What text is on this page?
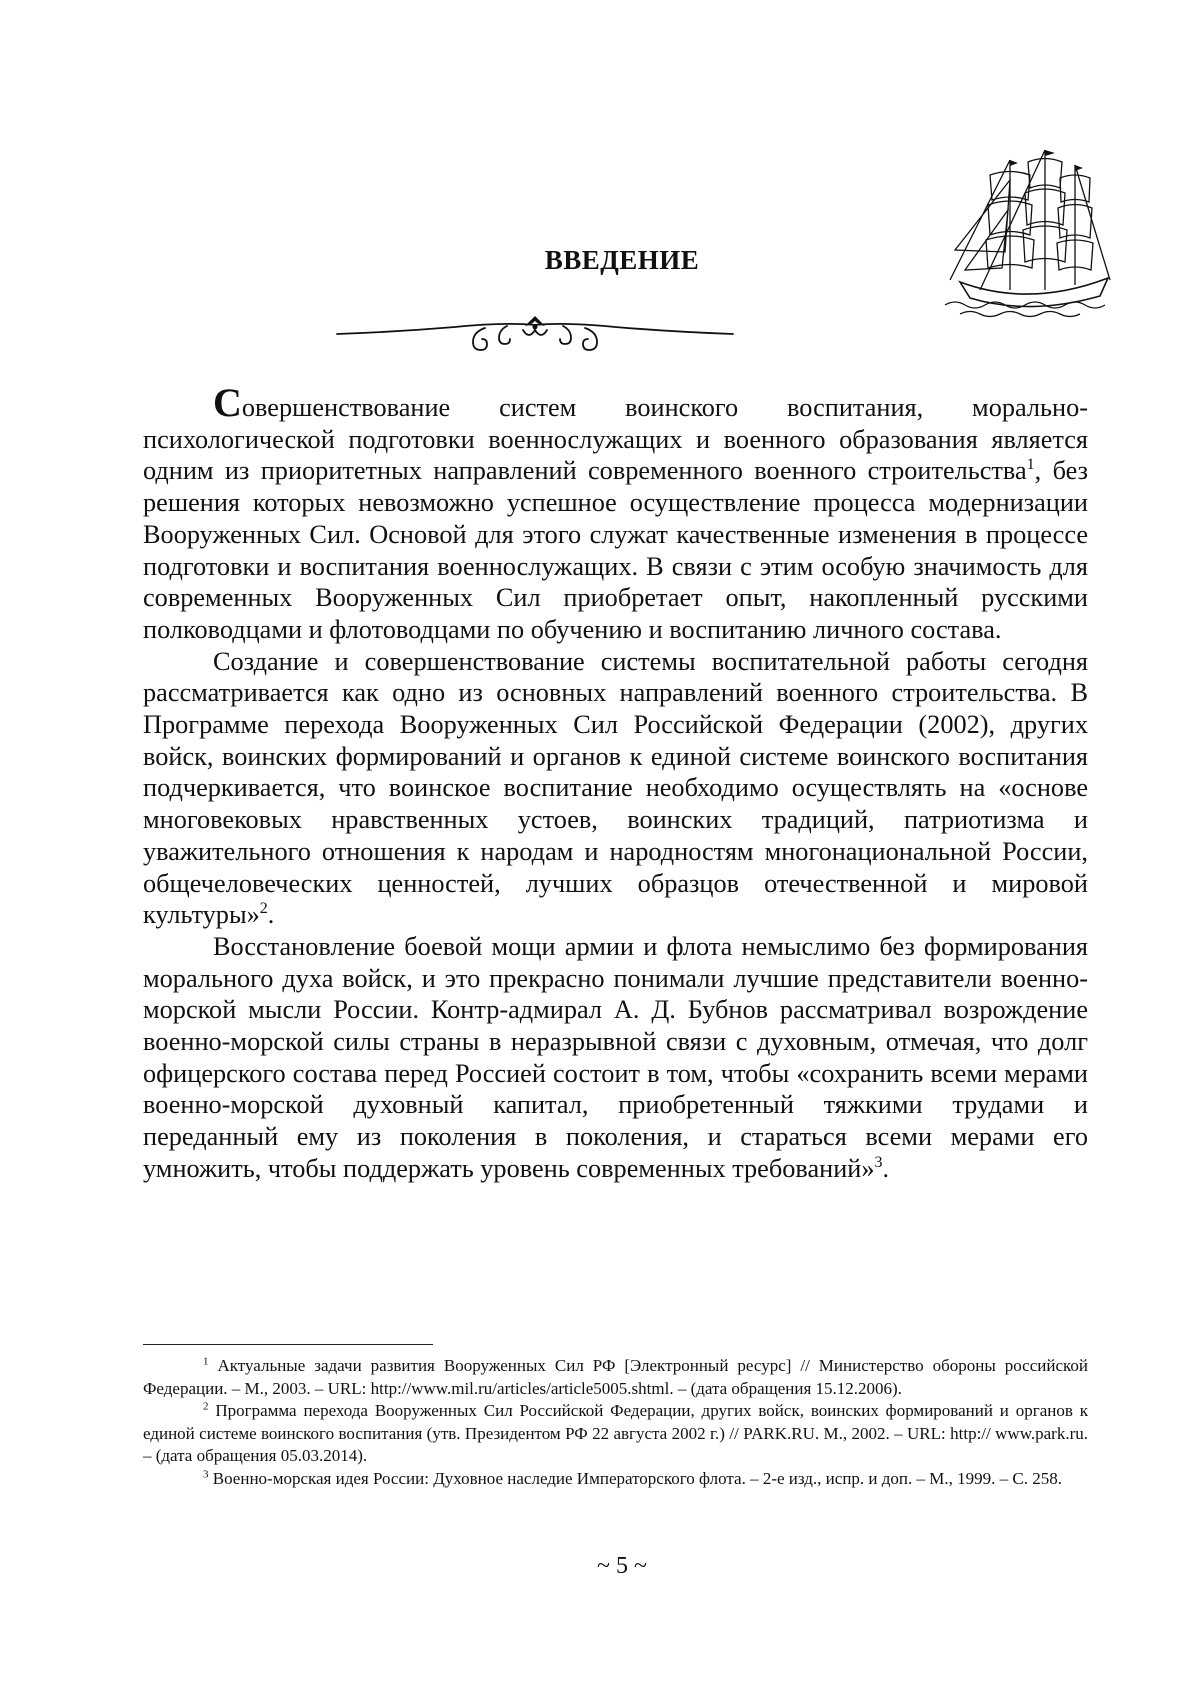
ВВЕДЕНИЕ

Совершенствование систем воинского воспитания, морально-психологической подготовки военнослужащих и военного образования является одним из приоритетных направлений современного военного строительства$^1$, без решения которых невозможно успешное осуществление процесса модернизации Вооруженных Сил. Основой для этого служат качественные изменения в процессе подготовки и воспитания военнослужащих. В связи с этим особую значимость для современных Вооруженных Сил приобретает опыт, накопленный русскими полководцами и флотоводцами по обучению и воспитанию личного состава.

Создание и совершенствование системы воспитательной работы сегодня рассматривается как одно из основных направлений военного строительства. В Программе перехода Вооруженных Сил Российской Федерации (2002), других войск, воинских формирований и органов к единой системе воинского воспитания подчеркивается, что воинское воспитание необходимо осуществлять на «основе многовековых нравственных устоев, воинских традиций, патриотизма и уважительного отношения к народам и народностям многонациональной России, общечеловеческих ценностей, лучших образцов отечественной и мировой культуры»$^2$.

Восстановление боевой мощи армии и флота немыслимо без формирования морального духа войск, и это прекрасно понимали лучшие представители военно-морской мысли России. Контр-адмирал А. Д. Бубнов рассматривал возрождение военно-морской силы страны в неразрывной связи с духовным, отмечая, что долг офицерского состава перед Россией состоит в том, чтобы «сохранить всеми мерами военно-морской духовный капитал, приобретенный тяжкими трудами и переданный ему из поколения в поколения, и стараться всеми мерами его умножить, чтобы поддержать уровень современных требований»$^3$.

$^1$ Актуальные задачи развития Вооруженных Сил РФ [Электронный ресурс] // Министерство обороны российской Федерации. – М., 2003. – URL: http://www.mil.ru/articles/article5005.shtml. – (дата обращения 15.12.2006).

$^2$ Программа перехода Вооруженных Сил Российской Федерации, других войск, воинских формирований и органов к единой системе воинского воспитания (утв. Президентом РФ 22 августа 2002 г.) // PARK.RU. М., 2002. – URL: http:// www.park.ru. – (дата обращения 05.03.2014).

$^3$ Военно-морская идея России: Духовное наследие Императорского флота. – 2-е изд., испр. и доп. – М., 1999. – С. 258.

~ 5 ~
